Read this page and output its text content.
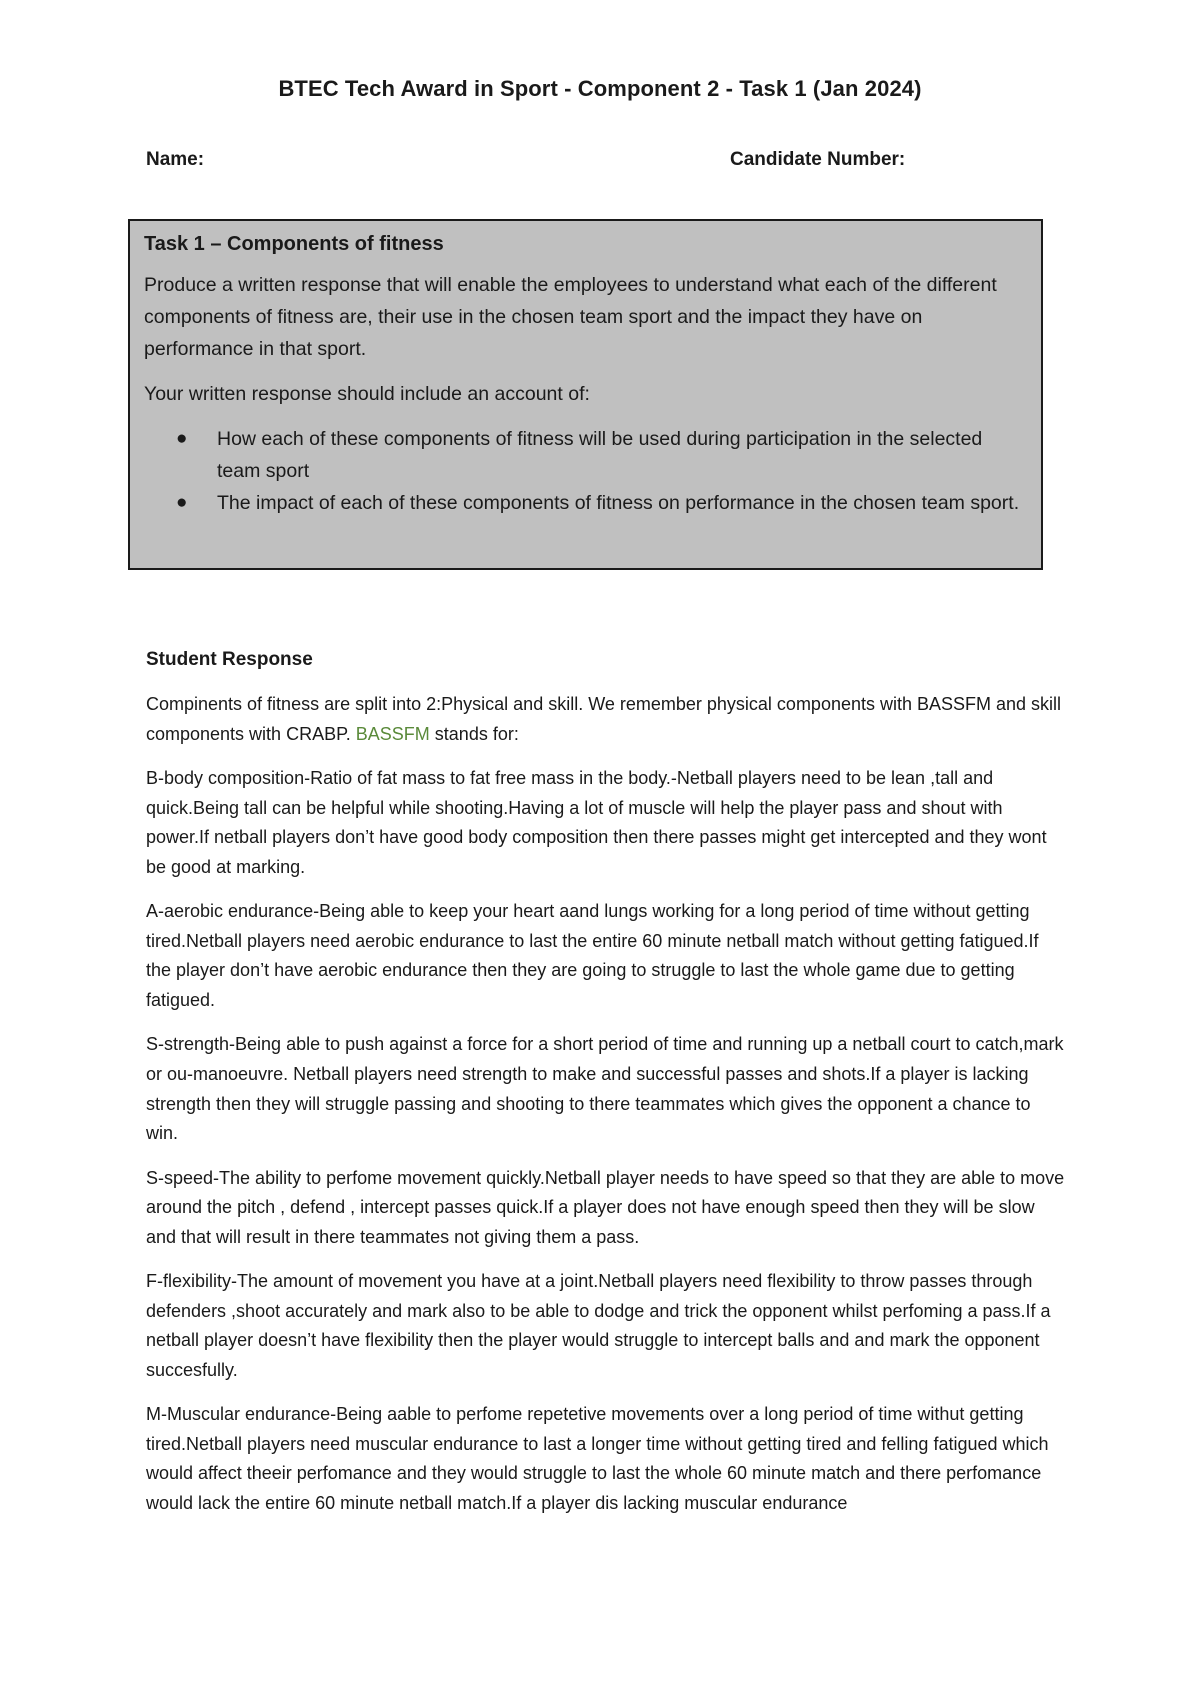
BTEC Tech Award in Sport - Component 2 - Task 1 (Jan 2024)
Name:	Candidate Number:
Task 1 – Components of fitness

Produce a written response that will enable the employees to understand what each of the different components of fitness are, their use in the chosen team sport and the impact they have on performance in that sport.

Your written response should include an account of:

● How each of these components of fitness will be used during participation in the selected team sport
● The impact of each of these components of fitness on performance in the chosen team sport.
Student Response

Compinents of fitness are split into 2:Physical and skill. We remember physical components with BASSFM and skill components with CRABP. BASSFM stands for:

B-body composition-Ratio of fat mass to fat free mass in the body.-Netball players need to be lean ,tall and quick.Being tall can be helpful while shooting.Having a lot of muscle will help the player pass and shout with power.If netball players don’t have good body composition then there passes might get intercepted and they wont be good at marking.

A-aerobic endurance-Being able to keep your heart aand lungs working for a long period of time without getting tired.Netball players need aerobic endurance to last the entire 60 minute netball match without getting fatigued.If the player don’t have aerobic endurance then they are going to struggle to last the whole game due to getting fatigued.

S-strength-Being able to push against a force for a short period of time and running up a netball court to catch,mark or ou-manoeuvre. Netball players need strength to make and successful passes and shots.If a player is lacking strength then they will struggle passing and shooting to there teammates which gives the opponent a chance to win.

S-speed-The ability to perfome movement quickly.Netball player needs to have speed so that they are able to move around the pitch , defend , intercept passes quick.If a player does not have enough speed then they will be slow and that will result in there teammates not giving them a pass.

F-flexibility-The amount of movement you have at a joint.Netball players need flexibility to throw passes through defenders ,shoot accurately and mark also to be able to dodge and trick the opponent whilst perfoming a pass.If a netball player doesn’t have flexibility then the player would struggle to intercept balls and and mark the opponent succesfully.

M-Muscular endurance-Being aable to perfome repetetive movements over a long period of time withut getting tired.Netball players need muscular endurance to last a longer time without getting tired and felling fatigued which would affect theeir perfomance and they would struggle to last the whole 60 minute match and there perfomance would lack the entire 60 minute netball match.If a player dis lacking muscular endurance
